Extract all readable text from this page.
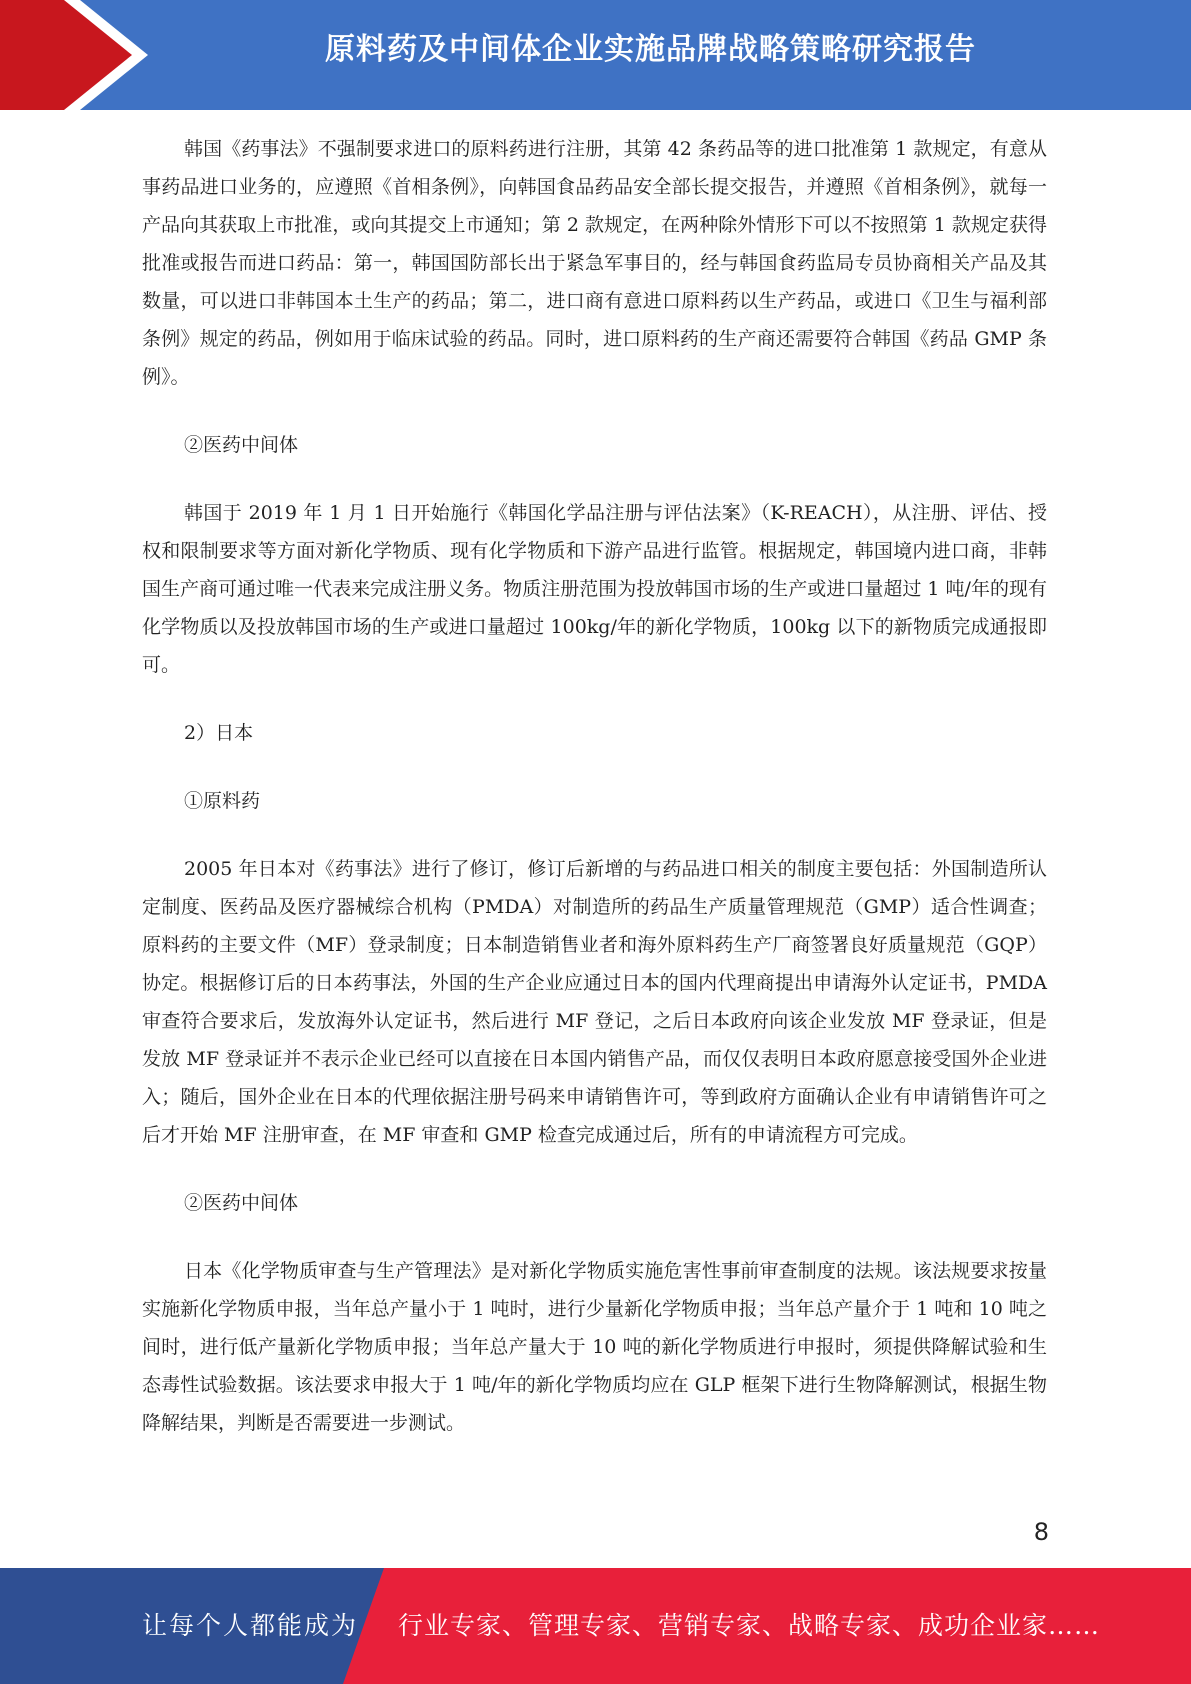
原料药及中间体企业实施品牌战略策略研究报告

韩国《药事法》不强制要求进口的原料药进行注册，其第 42 条药品等的进口批准第 1 款规定，有意从事药品进口业务的，应遵照《首相条例》，向韩国食品药品安全部长提交报告，并遵照《首相条例》，就每一产品向其获取上市批准，或向其提交上市通知；第 2 款规定，在两种除外情形下可以不按照第 1 款规定获得批准或报告而进口药品：第一，韩国国防部长出于紧急军事目的，经与韩国食药监局专员协商相关产品及其数量，可以进口非韩国本土生产的药品；第二，进口商有意进口原料药以生产药品，或进口《卫生与福利部条例》规定的药品，例如用于临床试验的药品。同时，进口原料药的生产商还需要符合韩国《药品 GMP 条例》。

②医药中间体

韩国于 2019 年 1 月 1 日开始施行《韩国化学品注册与评估法案》（K-REACH），从注册、评估、授权和限制要求等方面对新化学物质、现有化学物质和下游产品进行监管。根据规定，韩国境内进口商，非韩国生产商可通过唯一代表来完成注册义务。物质注册范围为投放韩国市场的生产或进口量超过 1 吨/年的现有化学物质以及投放韩国市场的生产或进口量超过 100kg/年的新化学物质，100kg 以下的新物质完成通报即可。

2）日本

①原料药

2005 年日本对《药事法》进行了修订，修订后新增的与药品进口相关的制度主要包括：外国制造所认定制度、医药品及医疗器械综合机构（PMDA）对制造所的药品生产质量管理规范（GMP）适合性调查；原料药的主要文件（MF）登录制度；日本制造销售业者和海外原料药生产厂商签署良好质量规范（GQP）协定。根据修订后的日本药事法，外国的生产企业应通过日本的国内代理商提出申请海外认定证书，PMDA 审查符合要求后，发放海外认定证书，然后进行 MF 登记，之后日本政府向该企业发放 MF 登录证，但是发放 MF 登录证并不表示企业已经可以直接在日本国内销售产品，而仅仅表明日本政府愿意接受国外企业进入；随后，国外企业在日本的代理依据注册号码来申请销售许可，等到政府方面确认企业有申请销售许可之后才开始 MF 注册审查，在 MF 审查和 GMP 检查完成通过后，所有的申请流程方可完成。

②医药中间体

日本《化学物质审查与生产管理法》是对新化学物质实施危害性事前审查制度的法规。该法规要求按量实施新化学物质申报，当年总产量小于 1 吨时，进行少量新化学物质申报；当年总产量介于 1 吨和 10 吨之间时，进行低产量新化学物质申报；当年总产量大于 10 吨的新化学物质进行申报时，须提供降解试验和生态毒性试验数据。该法要求申报大于 1 吨/年的新化学物质均应在 GLP 框架下进行生物降解测试，根据生物降解结果，判断是否需要进一步测试。

8
让每个人都能成为 行业专家、管理专家、营销专家、战略专家、成功企业家……
